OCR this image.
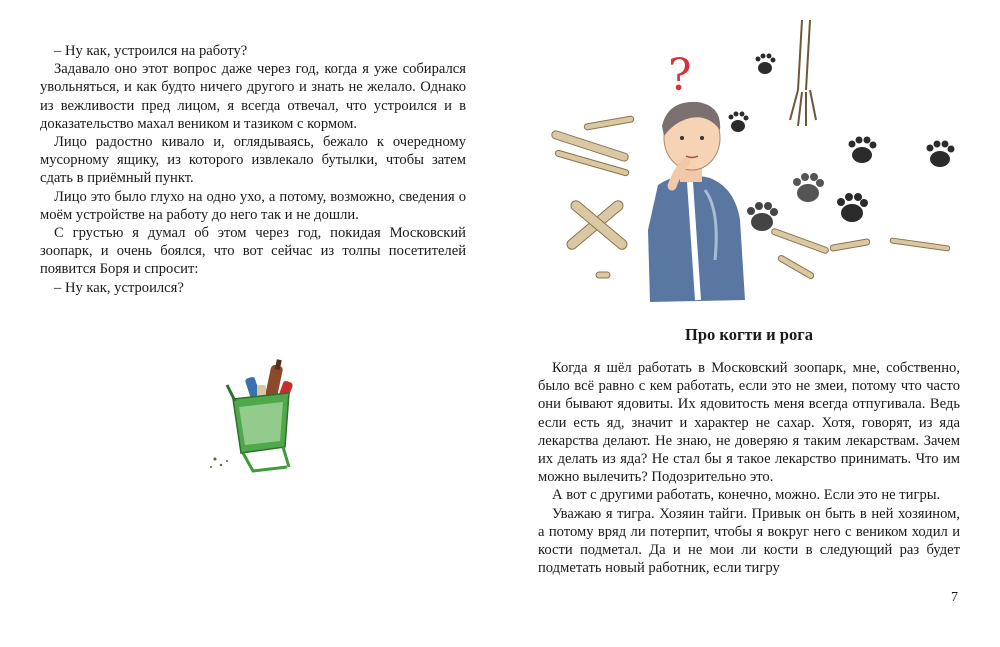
– Ну как, устроился на работу?

Задавало оно этот вопрос даже через год, когда я уже собирался увольняться, и как будто ничего другого и знать не желало. Однако из вежливости пред лицом, я всегда отвечал, что устроился и в доказательство махал веником и тазиком с кормом.

Лицо радостно кивало и, оглядываясь, бежало к очередному мусорному ящику, из которого извлекало бутылки, чтобы затем сдать в приёмный пункт.

Лицо это было глухо на одно ухо, а потому, возможно, сведения о моём устройстве на работу до него так и не дошли.

С грустью я думал об этом через год, покидая Московский зоопарк, и очень боялся, что вот сейчас из толпы посетителей появится Боря и спросит:

– Ну как, устроился?

?
Про когти и рога

Когда я шёл работать в Московский зоопарк, мне, собственно, было всё равно с кем работать, если это не змеи, потому что часто они бывают ядовиты. Их ядовитость меня всегда отпугивала. Ведь если есть яд, значит и характер не сахар. Хотя, говорят, из яда лекарства делают. Не знаю, не доверяю я таким лекарствам. Зачем их делать из яда? Не стал бы я такое лекарство принимать. Что им можно вылечить? Подозрительно это.

А вот с другими работать, конечно, можно. Если это не тигры.

Уважаю я тигра. Хозяин тайги. Привык он быть в ней хозяином, а потому вряд ли потерпит, чтобы я вокруг него с веником ходил и кости подметал. Да и не мои ли кости в следующий раз будет подметать новый работник, если тигру

7
